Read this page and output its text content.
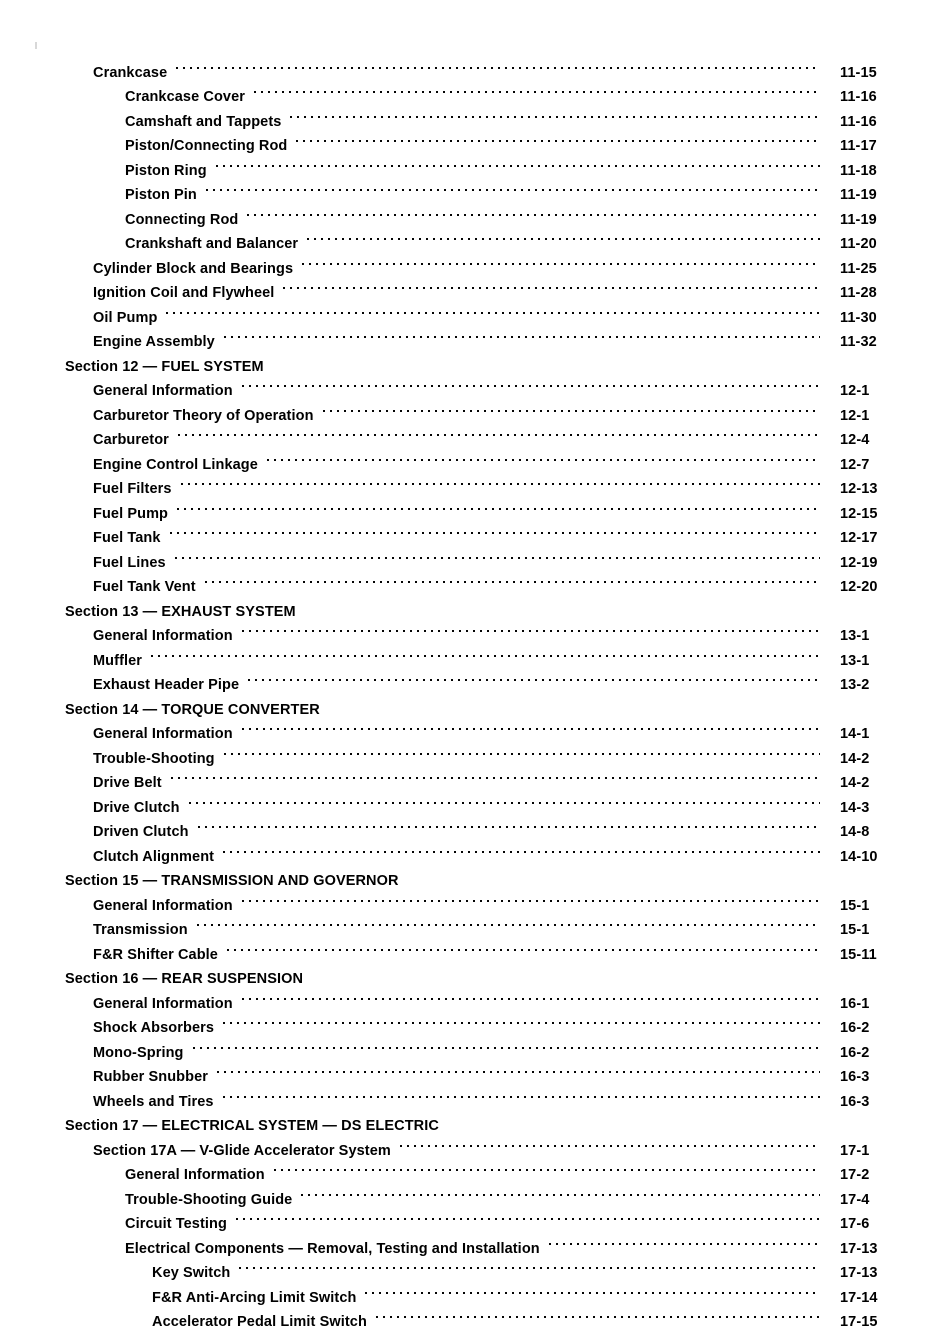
Crankcase	11-15
Crankcase Cover	11-16
Camshaft and Tappets	11-16
Piston/Connecting Rod	11-17
Piston Ring	11-18
Piston Pin	11-19
Connecting Rod	11-19
Crankshaft and Balancer	11-20
Cylinder Block and Bearings	11-25
Ignition Coil and Flywheel	11-28
Oil Pump	11-30
Engine Assembly	11-32
Section 12 — FUEL SYSTEM
General Information	12-1
Carburetor Theory of Operation	12-1
Carburetor	12-4
Engine Control Linkage	12-7
Fuel Filters	12-13
Fuel Pump	12-15
Fuel Tank	12-17
Fuel Lines	12-19
Fuel Tank Vent	12-20
Section 13 — EXHAUST SYSTEM
General Information	13-1
Muffler	13-1
Exhaust Header Pipe	13-2
Section 14 — TORQUE CONVERTER
General Information	14-1
Trouble-Shooting	14-2
Drive Belt	14-2
Drive Clutch	14-3
Driven Clutch	14-8
Clutch Alignment	14-10
Section 15 — TRANSMISSION AND GOVERNOR
General Information	15-1
Transmission	15-1
F&R Shifter Cable	15-11
Section 16 — REAR SUSPENSION
General Information	16-1
Shock Absorbers	16-2
Mono-Spring	16-2
Rubber Snubber	16-3
Wheels and Tires	16-3
Section 17 — ELECTRICAL SYSTEM — DS ELECTRIC
Section 17A — V-Glide Accelerator System	17-1
General Information	17-2
Trouble-Shooting Guide	17-4
Circuit Testing	17-6
Electrical Components — Removal, Testing and Installation	17-13
Key Switch	17-13
F&R Anti-Arcing Limit Switch	17-14
Accelerator Pedal Limit Switch	17-15
